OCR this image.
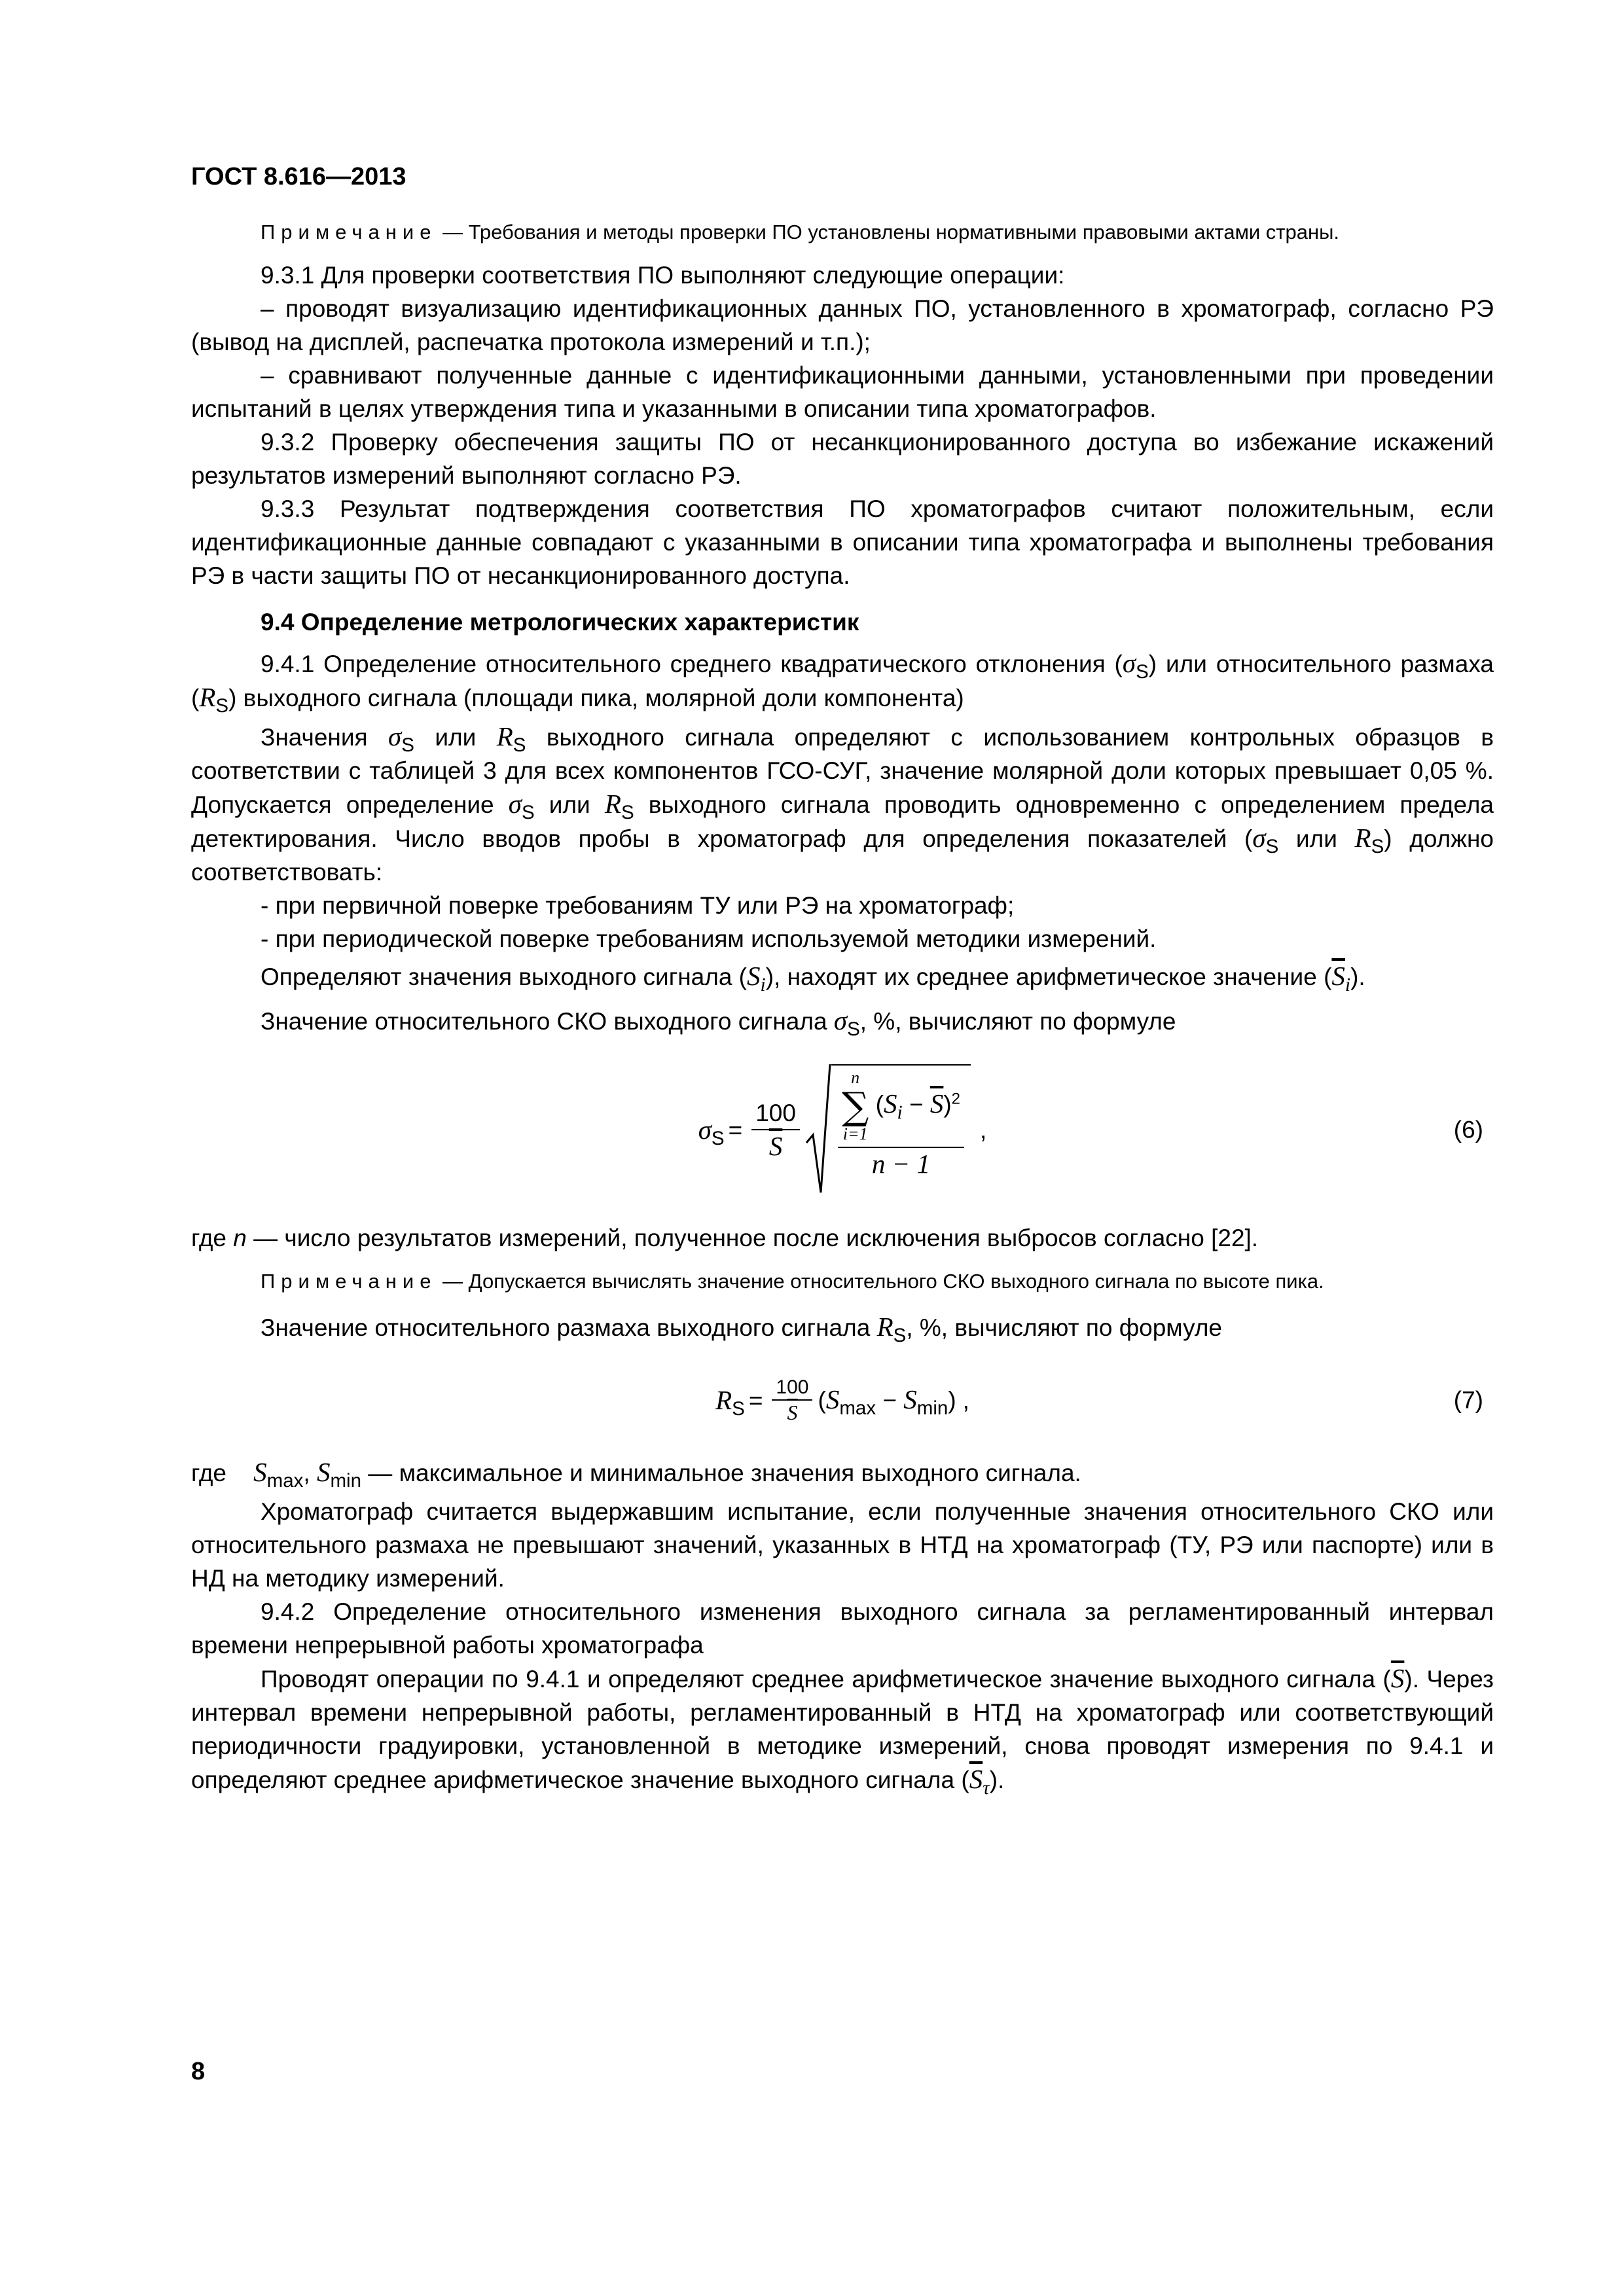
ГОСТ 8.616—2013

Примечание — Требования и методы проверки ПО установлены нормативными правовыми актами страны.

9.3.1 Для проверки соответствия ПО выполняют следующие операции:

– проводят визуализацию идентификационных данных ПО, установленного в хроматограф, согласно РЭ (вывод на дисплей, распечатка протокола измерений и т.п.);

– сравнивают полученные данные с идентификационными данными, установленными при проведении испытаний в целях утверждения типа и указанными в описании типа хроматографов.

9.3.2 Проверку обеспечения защиты ПО от несанкционированного доступа во избежание искажений результатов измерений выполняют согласно РЭ.

9.3.3 Результат подтверждения соответствия ПО хроматографов считают положительным, если идентификационные данные совпадают с указанными в описании типа хроматографа и выполнены требования РЭ в части защиты ПО от несанкционированного доступа.

9.4 Определение метрологических характеристик

9.4.1 Определение относительного среднего квадратического отклонения $(\sigma_S)$ или относительного размаха $(R_S)$ выходного сигнала (площади пика, молярной доли компонента)

Значения $\sigma_S$ или $R_S$ выходного сигнала определяют с использованием контрольных образцов в соответствии с таблицей 3 для всех компонентов ГСО-СУГ, значение молярной доли которых превышает 0,05 %. Допускается определение $\sigma_S$ или $R_S$ выходного сигнала проводить одновременно с определением предела детектирования. Число вводов пробы в хроматограф для определения показателей ($\sigma_S$ или $R_S$) должно соответствовать:

- при первичной поверке требованиям ТУ или РЭ на хроматограф;

- при периодической поверке требованиям используемой методики измерений.

Определяют значения выходного сигнала $(S_i)$, находят их среднее арифметическое значение $(\overline{S}_i)$.

Значение относительного СКО выходного сигнала $\sigma_S$, %, вычисляют по формуле

$\sigma_S = \frac{100}{S}$
n
∑
i=1
$(S_i - \overline{S})^2$
n − 1
,	(6)

где n — число результатов измерений, полученное после исключения выбросов согласно [22].

Примечание — Допускается вычислять значение относительного СКО выходного сигнала по высоте пика.

Значение относительного размаха выходного сигнала $R_S$, %, вычисляют по формуле

$R_S = \frac{100}{S} (S_{max} - S_{min})$ ,	(7)

где    $S_{max}$, $S_{min}$ — максимальное и минимальное значения выходного сигнала.

Хроматограф считается выдержавшим испытание, если полученные значения относительного СКО или относительного размаха не превышают значений, указанных в НТД на хроматограф (ТУ, РЭ или паспорте) или в НД на методику измерений.

9.4.2 Определение относительного изменения выходного сигнала за регламентированный интервал времени непрерывной работы хроматографа

Проводят операции по 9.4.1 и определяют среднее арифметическое значение выходного сигнала $(\overline{S})$. Через интервал времени непрерывной работы, регламентированный в НТД на хроматограф или соответствующий периодичности градуировки, установленной в методике измерений, снова проводят измерения по 9.4.1 и определяют среднее арифметическое значение выходного сигнала $(\overline{S}_\tau)$.

8
